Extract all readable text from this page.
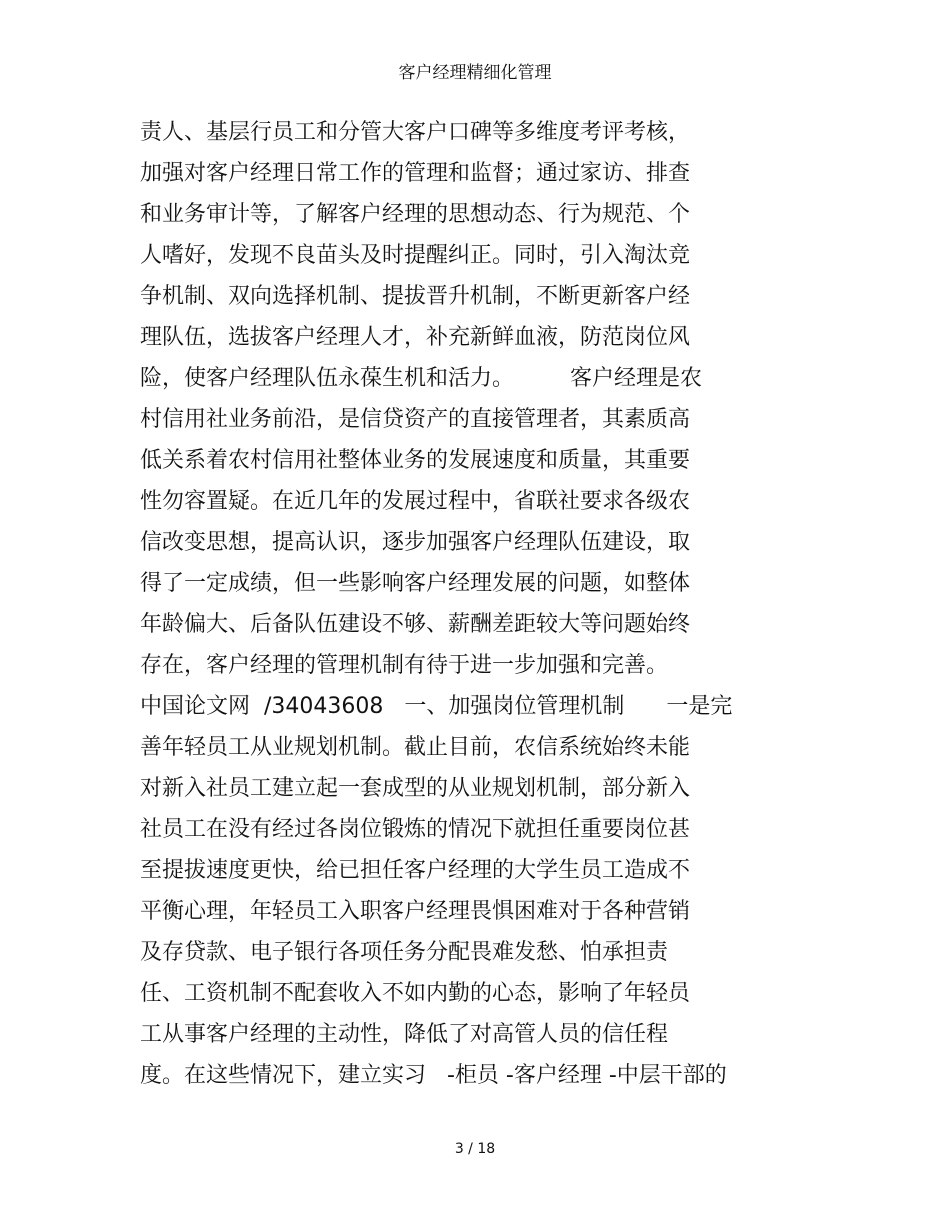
客户经理精细化管理
责人、基层行员工和分管大客户口碑等多维度考评考核，
加强对客户经理日常工作的管理和监督；通过家访、排查
和业务审计等，了解客户经理的思想动态、行为规范、个
人嗜好，发现不良苗头及时提醒纠正。同时，引入淘汰竞
争机制、双向选择机制、提拔晋升机制，不断更新客户经
理队伍，选拔客户经理人才，补充新鲜血液，防范岗位风
险，使客户经理队伍永葆生机和活力。        客户经理是农
村信用社业务前沿，是信贷资产的直接管理者，其素质高
低关系着农村信用社整体业务的发展速度和质量，其重要
性勿容置疑。在近几年的发展过程中，省联社要求各级农
信改变思想，提高认识，逐步加强客户经理队伍建设，取
得了一定成绩，但一些影响客户经理发展的问题，如整体
年龄偏大、后备队伍建设不够、薪酬差距较大等问题始终
存在，客户经理的管理机制有待于进一步加强和完善。
中国论文网  /34043608   一、加强岗位管理机制      一是完
善年轻员工从业规划机制。截止目前，农信系统始终未能
对新入社员工建立起一套成型的从业规划机制，部分新入
社员工在没有经过各岗位锻炼的情况下就担任重要岗位甚
至提拔速度更快，给已担任客户经理的大学生员工造成不
平衡心理，年轻员工入职客户经理畏惧困难对于各种营销
及存贷款、电子银行各项任务分配畏难发愁、怕承担责
任、工资机制不配套收入不如内勤的心态，影响了年轻员
工从事客户经理的主动性，降低了对高管人员的信任程
度。在这些情况下，建立实习   -柜员 -客户经理 -中层干部的
3 / 18
